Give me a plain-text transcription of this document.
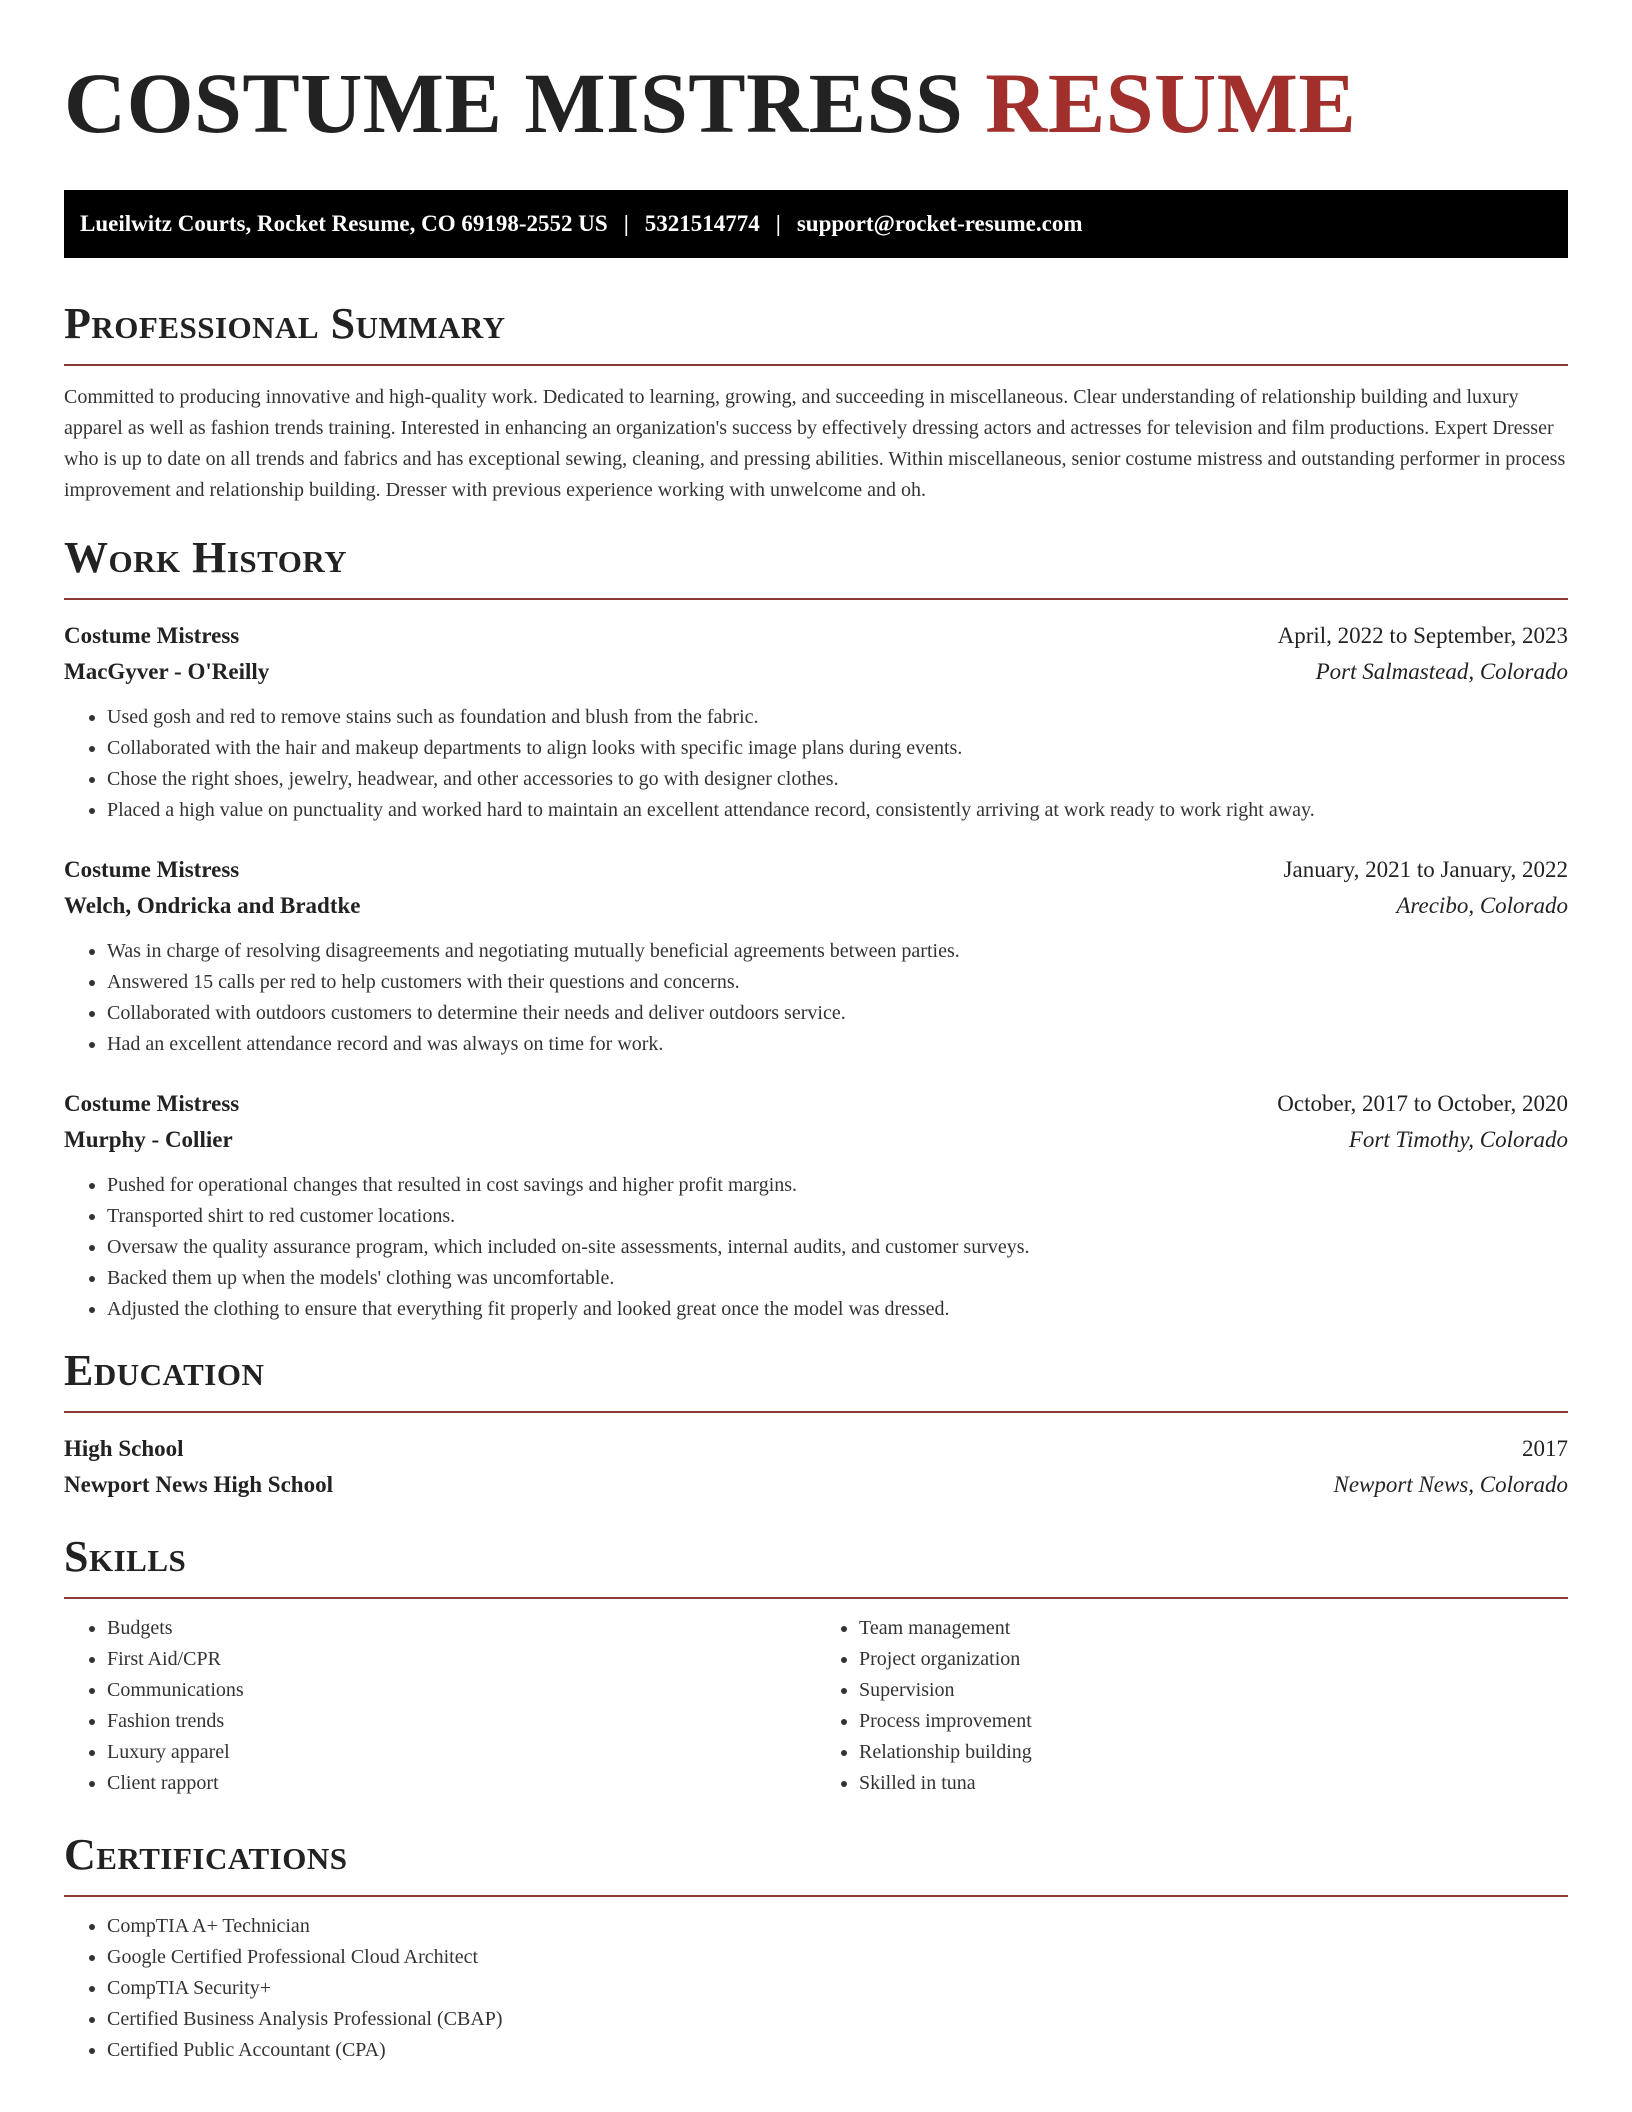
COSTUME MISTRESS RESUME
Lueilwitz Courts, Rocket Resume, CO 69198-2552 US | 5321514774 | support@rocket-resume.com
Professional Summary

Committed to producing innovative and high-quality work. Dedicated to learning, growing, and succeeding in miscellaneous. Clear understanding of relationship building and luxury apparel as well as fashion trends training. Interested in enhancing an organization's success by effectively dressing actors and actresses for television and film productions. Expert Dresser who is up to date on all trends and fabrics and has exceptional sewing, cleaning, and pressing abilities. Within miscellaneous, senior costume mistress and outstanding performer in process improvement and relationship building. Dresser with previous experience working with unwelcome and oh.

Work History
Costume Mistress	April, 2022 to September, 2023
MacGyver - O'Reilly	Port Salmastead, Colorado
• Used gosh and red to remove stains such as foundation and blush from the fabric.
• Collaborated with the hair and makeup departments to align looks with specific image plans during events.
• Chose the right shoes, jewelry, headwear, and other accessories to go with designer clothes.
• Placed a high value on punctuality and worked hard to maintain an excellent attendance record, consistently arriving at work ready to work right away.
Costume Mistress	January, 2021 to January, 2022
Welch, Ondricka and Bradtke	Arecibo, Colorado
• Was in charge of resolving disagreements and negotiating mutually beneficial agreements between parties.
• Answered 15 calls per red to help customers with their questions and concerns.
• Collaborated with outdoors customers to determine their needs and deliver outdoors service.
• Had an excellent attendance record and was always on time for work.
Costume Mistress	October, 2017 to October, 2020
Murphy - Collier	Fort Timothy, Colorado
• Pushed for operational changes that resulted in cost savings and higher profit margins.
• Transported shirt to red customer locations.
• Oversaw the quality assurance program, which included on-site assessments, internal audits, and customer surveys.
• Backed them up when the models' clothing was uncomfortable.
• Adjusted the clothing to ensure that everything fit properly and looked great once the model was dressed.
Education
High School	2017
Newport News High School	Newport News, Colorado
Skills
• Budgets
• First Aid/CPR
• Communications
• Fashion trends
• Luxury apparel
• Client rapport
• Team management
• Project organization
• Supervision
• Process improvement
• Relationship building
• Skilled in tuna
Certifications
• CompTIA A+ Technician
• Google Certified Professional Cloud Architect
• CompTIA Security+
• Certified Business Analysis Professional (CBAP)
• Certified Public Accountant (CPA)
